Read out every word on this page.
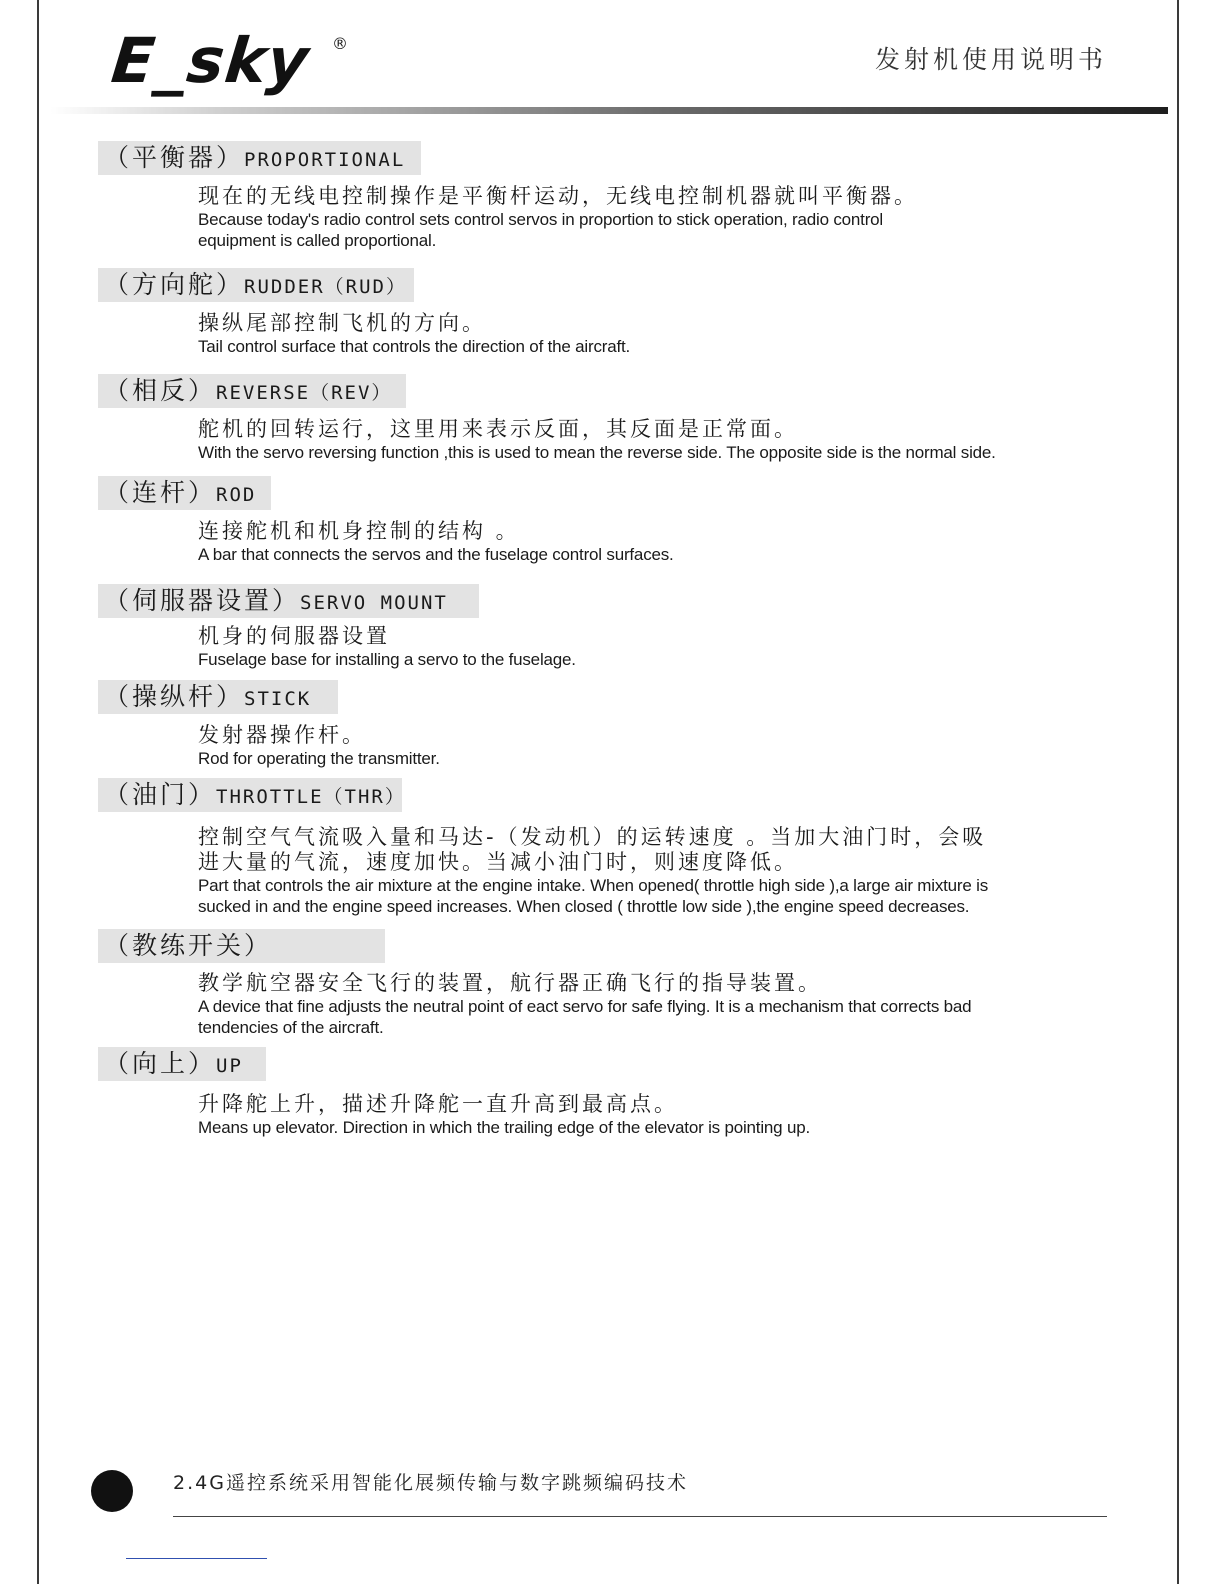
E_sky ®
发射机使用说明书
（平衡器）PROPORTIONAL
现在的无线电控制操作是平衡杆运动，无线电控制机器就叫平衡器。
Because today's radio control sets control servos in proportion to stick operation, radio control
equipment is called proportional.
（方向舵）RUDDER（RUD）
操纵尾部控制飞机的方向。
Tail control surface that controls the direction of the aircraft.
（相反）REVERSE（REV）
舵机的回转运行，这里用来表示反面，其反面是正常面。
With the servo reversing function ,this is used to mean the reverse side. The opposite side is the normal side.
（连杆）ROD
连接舵机和机身控制的结构 。
A bar that connects the servos and the fuselage control surfaces.
（伺服器设置）SERVO MOUNT
机身的伺服器设置
Fuselage base for installing a servo to the fuselage.
（操纵杆）STICK
发射器操作杆。
Rod for operating the transmitter.
（油门）THROTTLE（THR）
控制空气气流吸入量和马达-（发动机）的运转速度 。当加大油门时，会吸
进大量的气流，速度加快。当减小油门时，则速度降低。
Part that controls the air mixture at the engine intake. When opened( throttle high side ),a large air mixture is
sucked in and the engine speed increases. When closed ( throttle low side ),the engine speed decreases.
（教练开关）
教学航空器安全飞行的装置，航行器正确飞行的指导装置。
A device that fine adjusts the neutral point of eact servo for safe flying. It is a mechanism that corrects bad
tendencies of the aircraft.
（向上）UP
升降舵上升，描述升降舵一直升高到最高点。
Means up elevator. Direction in which the trailing edge of the elevator is pointing up.
2.4G遥控系统采用智能化展频传输与数字跳频编码技术
